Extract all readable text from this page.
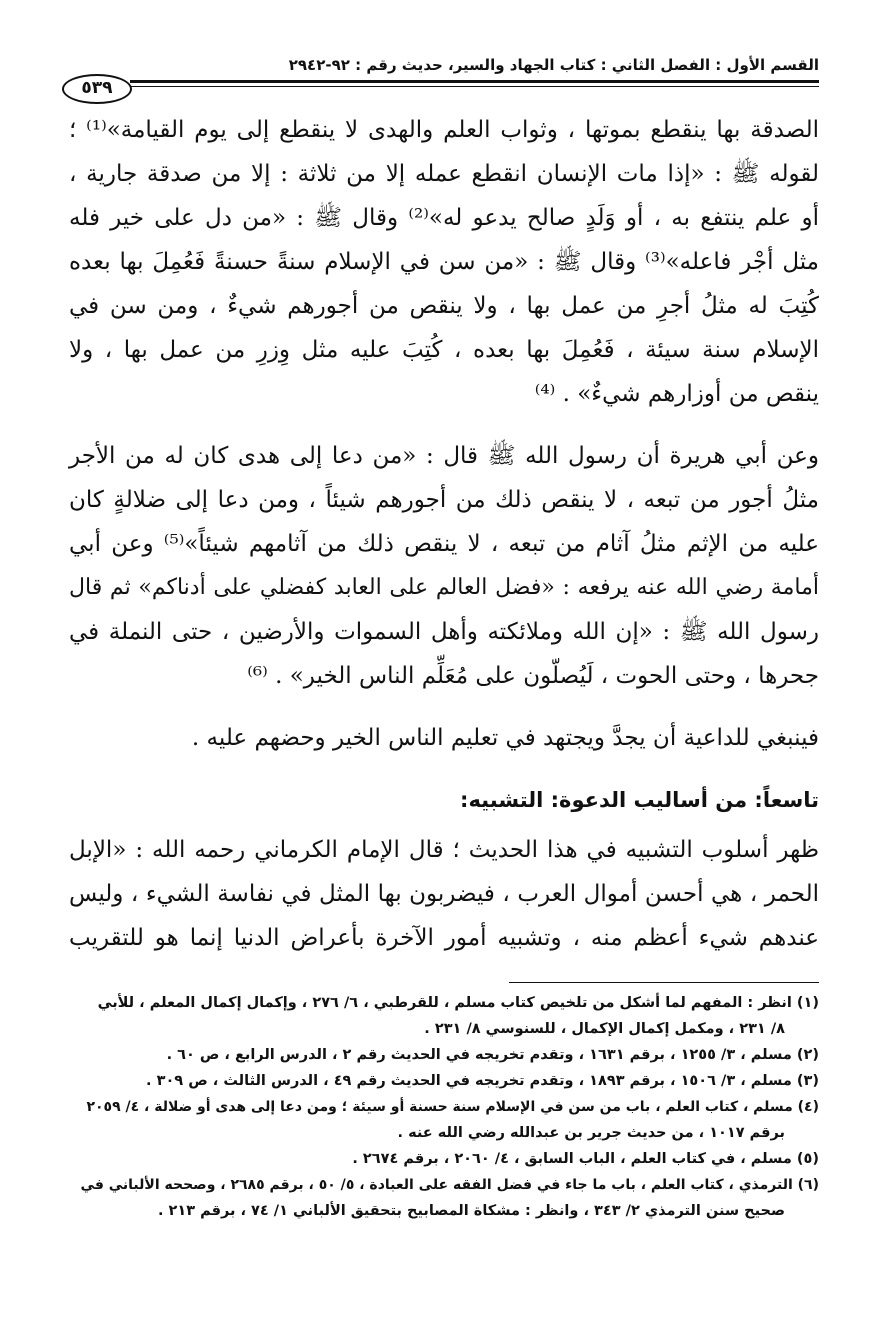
القسم الأول : الفصل الثاني : كتاب الجهاد والسير، حديث رقم : ٩٢-٢٩٤٢
٥٣٩
الصدقة بها ينقطع بموتها ، وثواب العلم والهدى لا ينقطع إلى يوم القيامة»⁽¹⁾ ؛
لقوله ﷺ : «إذا مات الإنسان انقطع عمله إلا من ثلاثة : إلا من صدقة جارية ،
أو علم ينتفع به ، أو وَلَدٍ صالح يدعو له»⁽²⁾ وقال ﷺ : «من دل على خير فله
مثل أجْر فاعله»⁽³⁾ وقال ﷺ : «من سن في الإسلام سنةً حسنةً فَعُمِلَ بها بعده
كُتِبَ له مثلُ أجرِ من عمل بها ، ولا ينقص من أجورهم شيءٌ ، ومن سن في
الإسلام سنة سيئة ، فَعُمِلَ بها بعده ، كُتِبَ عليه مثل وِزرِ من عمل بها ، ولا
ينقص من أوزارهم شيءٌ» . ⁽⁴⁾
وعن أبي هريرة أن رسول الله ﷺ قال : «من دعا إلى هدى كان له من الأجر
مثلُ أجور من تبعه ، لا ينقص ذلك من أجورهم شيئاً ، ومن دعا إلى ضلالةٍ كان
عليه من الإثم مثلُ آثام من تبعه ، لا ينقص ذلك من آثامهم شيئاً»⁽⁵⁾ وعن أبي
أمامة رضي الله عنه يرفعه : «فضل العالم على العابد كفضلي على أدناكم» ثم قال
رسول الله ﷺ : «إن الله وملائكته وأهل السموات والأرضين ، حتى النملة في
جحرها ، وحتى الحوت ، لَيُصلّون على مُعَلِّم الناس الخير» . ⁽⁶⁾
فينبغي للداعية أن يجدَّ ويجتهد في تعليم الناس الخير وحضهم عليه .
تاسعاً: من أساليب الدعوة: التشبيه:
ظهر أسلوب التشبيه في هذا الحديث ؛ قال الإمام الكرماني رحمه الله : «الإبل
الحمر ، هي أحسن أموال العرب ، فيضربون بها المثل في نفاسة الشيء ، وليس
عندهم شيء أعظم منه ، وتشبيه أمور الآخرة بأعراض الدنيا إنما هو للتقريب
(١) انظر : المفهم لما أشكل من تلخيص كتاب مسلم ، للقرطبي ، ٦/ ٢٧٦ ، وإكمال إكمال المعلم ، للأبي
٨/ ٢٣١ ، ومكمل إكمال الإكمال ، للسنوسي ٨/ ٢٣١ .
(٢) مسلم ، ٣/ ١٢٥٥ ، برقم ١٦٣١ ، وتقدم تخريجه في الحديث رقم ٢ ، الدرس الرابع ، ص ٦٠ .
(٣) مسلم ، ٣/ ١٥٠٦ ، برقم ١٨٩٣ ، وتقدم تخريجه في الحديث رقم ٤٩ ، الدرس الثالث ، ص ٣٠٩ .
(٤) مسلم ، كتاب العلم ، باب من سن في الإسلام سنة حسنة أو سيئة ؛ ومن دعا إلى هدى أو ضلالة ، ٤/ ٢٠٥٩
برقم ١٠١٧ ، من حديث جرير بن عبدالله رضي الله عنه .
(٥) مسلم ، في كتاب العلم ، الباب السابق ، ٤/ ٢٠٦٠ ، برقم ٢٦٧٤ .
(٦) الترمذي ، كتاب العلم ، باب ما جاء في فضل الفقه على العبادة ، ٥/ ٥٠ ، برقم ٢٦٨٥ ، وصححه الألباني في
صحيح سنن الترمذي ٢/ ٣٤٣ ، وانظر : مشكاة المصابيح بتحقيق الألباني ١/ ٧٤ ، برقم ٢١٣ .
